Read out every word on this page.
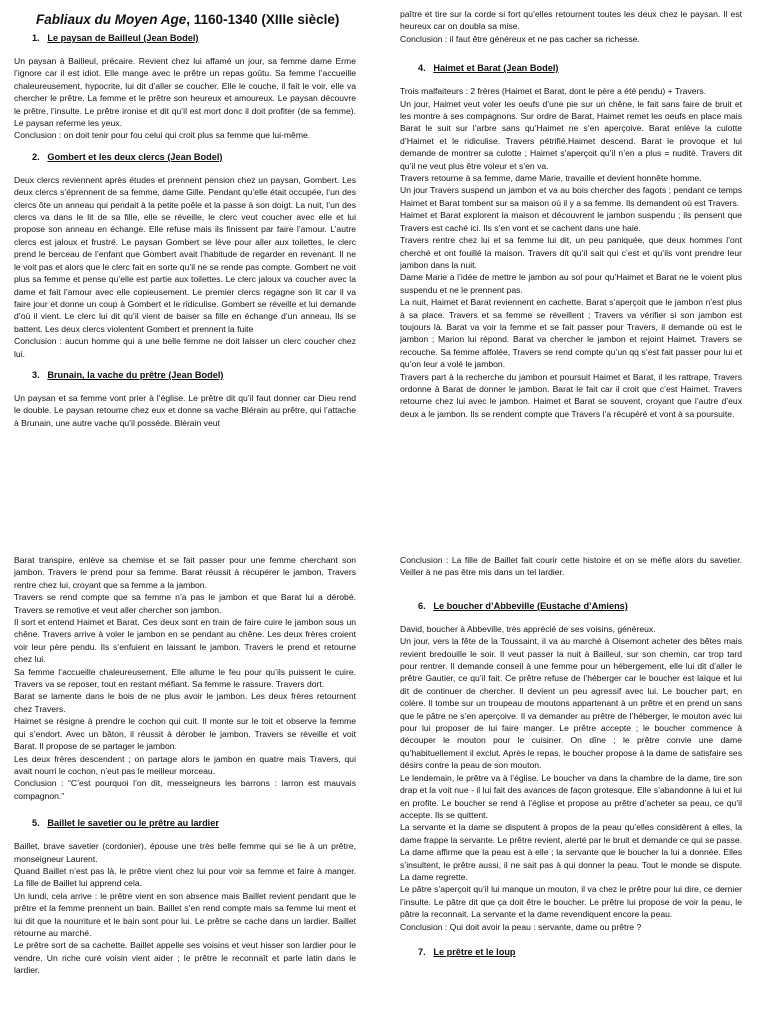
Fabliaux du Moyen Age, 1160-1340 (XIIIe siècle)
1. Le paysan de Bailleul (Jean Bodel)

Un paysan à Bailleul, précaire. Revient chez lui affamé un jour, sa femme dame Erme l’ignore car il est idiot. Elle mange avec le prêtre un repas goûtu. Sa femme l’accueille chaleureusement, hypocrite, lui dit d’aller se coucher. Elle le couche, il fait le voir, elle va chercher le prêtre. La femme et le prêtre son heureux et amoureux. Le paysan découvre le prêtre, l’insulte. Le prêtre ironise et dit qu’il est mort donc il doit profiter (de sa femme). Le paysan referme les yeux.

Conclusion : on doit tenir pour fou celui qui croit plus sa femme que lui-même.

2. Gombert et les deux clercs (Jean Bodel)

Deux clercs reviennent après études et prennent pension chez un paysan, Gombert. Les deux clercs s’éprennent de sa femme, dame Gille. Pendant qu’elle était occupée, l’un des clercs ôte un anneau qui pendait à la petite poêle et la passe à son doigt. La nuit, l’un des clercs va dans le lit de sa fille, elle se réveille, le clerc veut coucher avec elle et lui propose son anneau en échange. Elle refuse mais ils finissent par faire l’amour. L’autre clercs est jaloux et frustré. Le paysan Gombert se lève pour aller aux toilettes, le clerc prend le berceau de l’enfant que Gombert avait l’habitude de regarder en revenant. Il ne le voit pas et alors que le clerc fait en sorte qu’il ne se rende pas compte. Gombert ne voit plus sa femme et pense qu’elle est partie aux toilettes. Le clerc jaloux va coucher avec la dame et fait l’amour avec elle copieusement. Le premier clercs regagne son lit car il va faire jour et donne un coup à Gombert et le ridiculise. Gombert se réveille et lui demande d’où il vient. Le clerc lui dit qu’il vient de baiser sa fille en échange d’un anneau. Ils se battent. Les deux clercs violentent Gombert et prennent la fuite

Conclusion : aucun homme qui a une belle femme ne doit laisser un clerc coucher chez lui.

3. Brunain, la vache du prêtre (Jean Bodel)

Un paysan et sa femme vont prier à l’église. Le prêtre dit qu’il faut donner car Dieu rend le double. Le paysan retourne chez eux et donne sa vache Blérain au prêtre, qui l’attache à Brunain, une autre vache qu’il possède. Blérain veut

paître et tire sur la corde si fort qu’elles retournent toutes les deux chez le paysan. Il est heureux car on doubla sa mise.

Conclusion : il faut être généreux et ne pas cacher sa richesse.

4. Haimet et Barat (Jean Bodel)

Trois malfaiteurs : 2 frères (Haimet et Barat, dont le père a été pendu) + Travers.

Un jour, Haimet veut voler les oeufs d’une pie sur un chêne, le fait sans faire de bruit et les montre à ses compagnons. Sur ordre de Barat, Haimet remet les oeufs en place mais Barat le suit sur l’arbre sans qu’Haimet ne s’en aperçoive. Barat enlève la culotte d’Haimet et le ridiculise. Travers pétrifié.Haimet descend. Barat le provoque et lui demande de montrer sa culotte ; Haimet s’aperçoit qu’il n’en a plus = nudité. Travers dit qu’il ne veut plus être voleur et s’en va.

Travers retourne à sa femme, dame Marie, travaille et devient honnête homme.

Un jour Travers suspend un jambon et va au bois chercher des fagots ; pendant ce temps Haimet et Barat tombent sur sa maison où il y a sa femme. Ils demandent où est Travers.

Haimet et Barat explorent la maison et découvrent le jambon suspendu ; ils pensent que Travers est caché ici. Ils s’en vont et se cachent dans une haie.

Travers rentre chez lui et sa femme lui dit, un peu paniquée, que deux hommes l’ont cherché et ont fouillé la maison. Travers dit qu’il sait qui c’est et qu’ils vont prendre leur jambon dans la nuit.

Dame Marie a l’idée de mettre le jambon au sol pour qu’Haimet et Barat ne le voient plus suspendu et ne le prennent pas.

La nuit, Haimet et Barat reviennent en cachette. Barat s’aperçoit que le jambon n’est plus à sa place. Travers et sa femme se réveillent ; Travers va vérifier si son jambon est toujours là. Barat va voir la femme et se fait passer pour Travers, il demande où est le jambon ; Marion lui répond. Barat va chercher le jambon et rejoint Haimet. Travers se recouche. Sa femme affolée, Travers se rend compte qu’un qq s’est fait passer pour lui et qu’on leur a volé le jambon.

Travers part à la recherche du jambon et poursuit Haimet et Barat, il les rattrape. Travers ordonne à Barat de donner le jambon. Barat le fait car il croit que c’est Haimet. Travers retourne chez lui avec le jambon. Haimet et Barat se souvent, croyant que l’autre d’eux deux a le jambon. Ils se rendent compte que Travers l’a récupéré et vont à sa poursuite.

Barat transpire, enlève sa chemise et se fait passer pour une femme cherchant son jambon. Travers le prend pour sa femme. Barat réussit à récupérer le jambon. Travers rentre chez lui, croyant que sa femme a la jambon.

Travers se rend compte que sa femme n’a pas le jambon et que Barat lui a dérobé. Travers se remotive et veut aller chercher son jambon.

Il sort et entend Haimet et Barat. Ces deux sont en train de faire cuire le jambon sous un chêne. Travers arrive à voler le jambon en se pendant au chêne. Les deux frères croient voir leur père pendu. Ils s’enfuient en laissant le jambon. Travers le prend et retourne chez lui.

Sa femme l’accueille chaleureusement. Elle allume le feu pour qu’ils puissent le cuire. Travers va se reposer, tout en restant méfiant. Sa femme le rassure. Travers dort.

Barat se lamente dans le bois de ne plus avoir le jambon. Les deux frères retournent chez Travers.

Haimet se résigne à prendre le cochon qui cuit. Il monte sur le toit et observe la femme qui s’endort. Avec un bâton, il réussit à dérober le jambon. Travers se réveille et voit Barat. Il propose de se partager le jambon.

Les deux frères descendent ; on partage alors le jambon en quatre mais Travers, qui avait nourri le cochon, n’eut pas le meilleur morceau.

Conclusion : “C’est pourquoi l’on dit, messeigneurs les barrons : larron est mauvais compagnon.”

5. Baillet le savetier ou le prêtre au lardier

Baillet, brave savetier (cordonier), épouse une très belle femme qui se lie à un prêtre, monseigneur Laurent.

Quand Baillet n’est pas là, le prêtre vient chez lui pour voir sa femme et faire à manger. La fille de Baillet lui apprend cela.

Un lundi, cela arrive : le prêtre vient en son absence mais Baillet revient pendant que le prêtre et la femme prennent un bain. Baillet s’en rend compte mais sa femme lui ment et lui dit que la nourriture et le bain sont pour lui. Le prêtre se cache dans un lardier. Baillet retourne au marché.

Le prêtre sort de sa cachette. Baillet appelle ses voisins et veut hisser son lardier pour le vendre. Un riche curé voisin vient aider ; le prêtre le reconnaît et parle latin dans le lardier.

Conclusion : La fille de Baillet fait courir cette histoire et on se méfie alors du savetier. Veiller à ne pas être mis dans un tel lardier.

6. Le boucher d’Abbeville (Eustache d’Amiens)

David, boucher à Abbeville, très apprécié de ses voisins, généreux.

Un jour, vers la fête de la Toussaint, il va au marché à Oisemont acheter des bêtes mais revient bredouille le soir. Il veut passer la nuit à Bailleul, sur son chemin, car trop tard pour rentrer. Il demande conseil à une femme pour un hébergement, elle lui dit d’aller le prêtre Gautier, ce qu’il fait. Ce prêtre refuse de l’héberger car le boucher est laïque et lui dit de continuer de chercher. Il devient un peu agressif avec lui. Le boucher part, en colère. Il tombe sur un troupeau de moutons appartenant à un prêtre et en prend un sans que le pâtre ne s’en aperçoive. Il va demander au prêtre de l’héberger, le mouton avec lui pour lui proposer de lui faire manger. Le prêtre accepte ; le boucher commence à découper le mouton pour le cuisiner. On dîne ; le prêtre convie une dame qu’habituellement il exclut. Après le repas, le boucher propose à la dame de satisfaire ses désirs contre la peau de son mouton.

Le lendemain, le prêtre va à l’église. Le boucher va dans la chambre de la dame, tire son drap et la voit nue - il lui fait des avances de façon grotesque. Elle s’abandonne à lui et lui en profite. Le boucher se rend à l’église et propose au prêtre d’acheter sa peau, ce qu’il accepte. Ils se quittent.

La servante et la dame se disputent à propos de la peau qu’elles considèrent à elles, la dame frappe la servante. Le prêtre revient, alerté par le bruit et demande ce qui se passe. La dame affirme que la peau est à elle ; la servante que le boucher la lui a donnée. Elles s’insultent, le prêtre aussi, il ne sait pas à qui donner la peau. Tout le monde se dispute. La dame regrette.

Le pâtre s’aperçoit qu’il lui manque un mouton, il va chez le prêtre pour lui dire, ce dernier l’insulte. Le pâtre dit que ça doit être le boucher. Le prêtre lui propose de voir la peau, le pâtre la reconnait. La servante et la dame revendiquent encore la peau.

Conclusion : Qui doit avoir la peau : servante, dame ou prêtre ?

7. Le prêtre et le loup
